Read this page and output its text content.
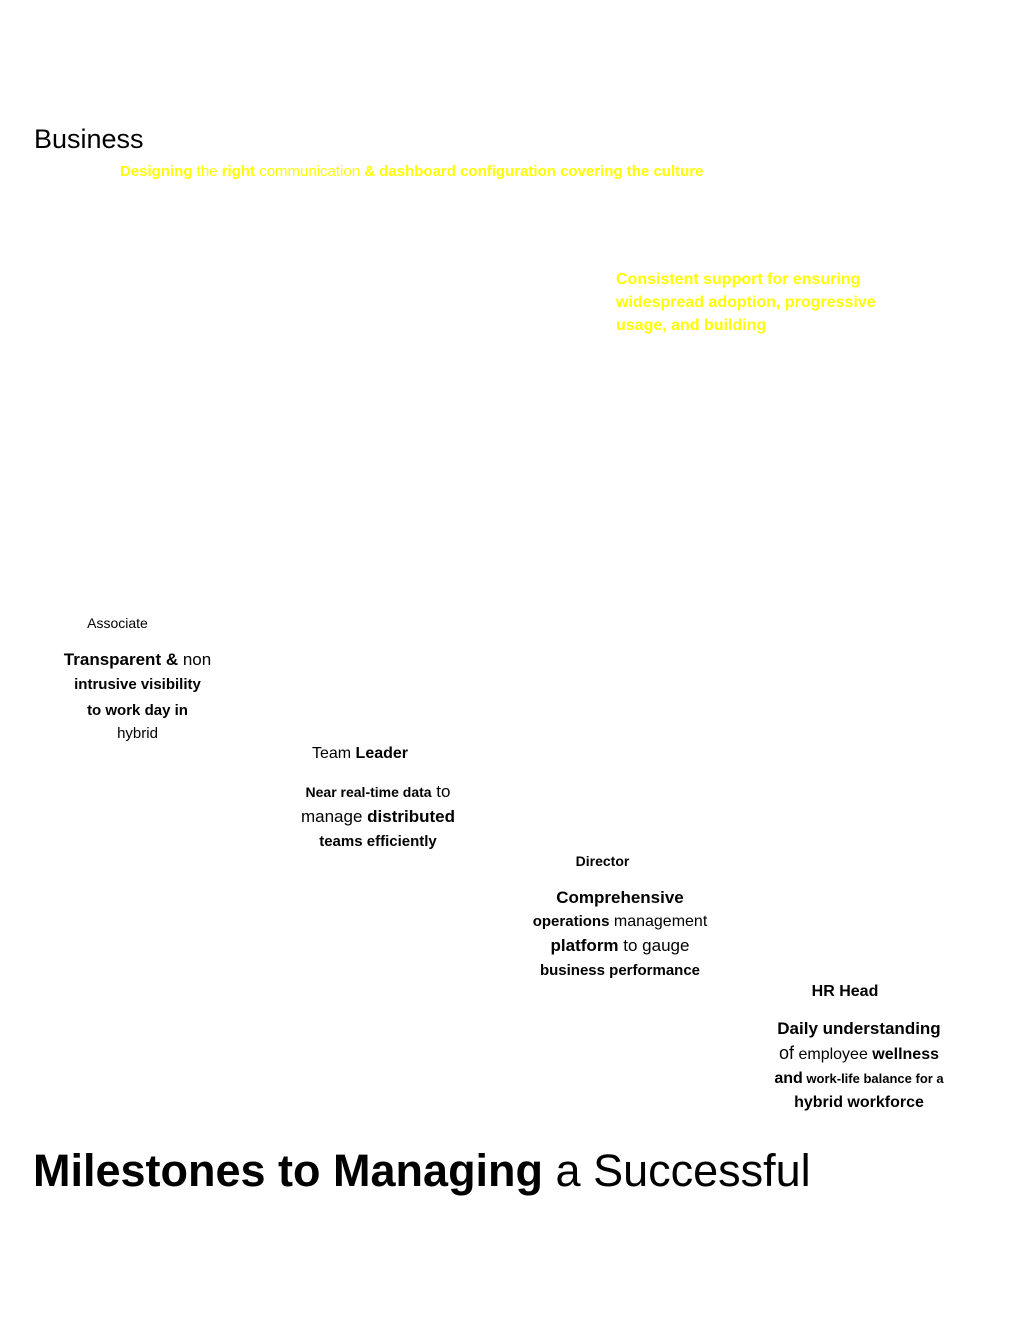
Business
Designing the right communication & dashboard configuration covering the culture
Consistent support for ensuring widespread adoption, progressive usage, and building
Associate
Transparent & non
intrusive visibility
to work day in
hybrid
Team Leader
Near real-time data to
manage distributed
teams efficiently
Director
Comprehensive
operations management
platform to gauge
business performance
HR Head
Daily understanding
of employee wellness
and work-life balance for a
hybrid workforce
Milestones to Managing a Successful
